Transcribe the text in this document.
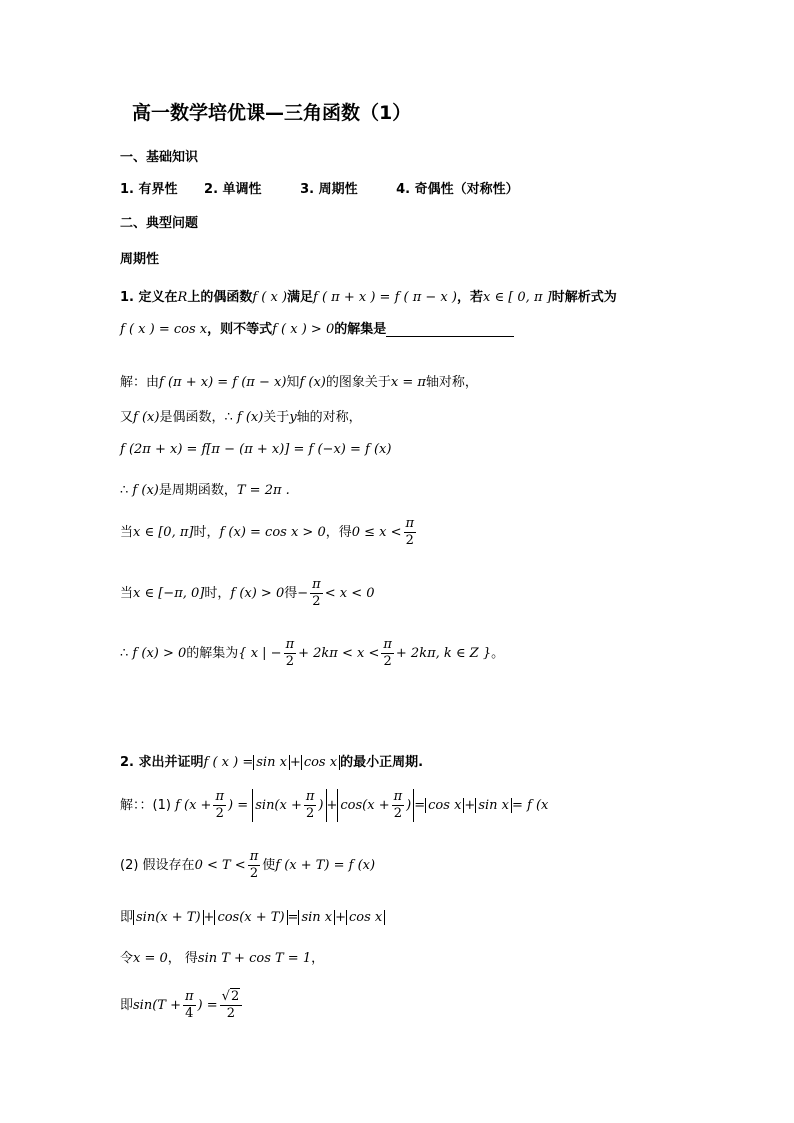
高一数学培优课—三角函数（1）
一、基础知识
1. 有界性 2. 单调性	3. 周期性	4. 奇偶性（对称性）
二、典型问题
周期性
1. 定义在R上的偶函数f ( x )满足f ( π + x ) = f ( π − x )，若x ∈ [ 0, π ]时解析式为
f ( x ) = cos x，则不等式f ( x ) > 0的解集是
解：由f (π + x) = f (π − x)知f (x)的图象关于x = π轴对称，
又f (x)是偶函数，∴ f (x)关于y轴的对称，
f (2π + x) = f[π − (π + x)] = f (−x) = f (x)
∴ f (x)是周期函数，T = 2π .
当x ∈ [0, π]时，f (x) = cos x > 0，得$0 \le x < \frac{\pi}{2}$
当x ∈ [−π, 0]时，f (x) > 0得− $\frac{\pi}{2} < x < 0$
∴ f (x) > 0的解集为{ x | − $\frac{\pi}{2} + 2k\pi < x < \frac{\pi}{2} + 2k\pi$, k ∈ Z }。
2. 求出并证明f ( x ) = sin x + cos x 的最小正周期.
解：：(1) f ($x + \frac{\pi}{2}$ ) = $\sin(x + \frac{\pi}{2}$ ) + $\cos(x + \frac{\pi}{2}$ ) = cos x + sin x = f (x
(2) 假设存在$0 < T < \frac{\pi}{2}$ 使f (x + T) = f (x)
即 sin(x + T) + cos(x + T) = sin x + cos x
令x = 0， 得sin T + cos T = 1，
即$\sin(T + \frac{\pi}{4}$ ) = $\frac{√2}{2}$
